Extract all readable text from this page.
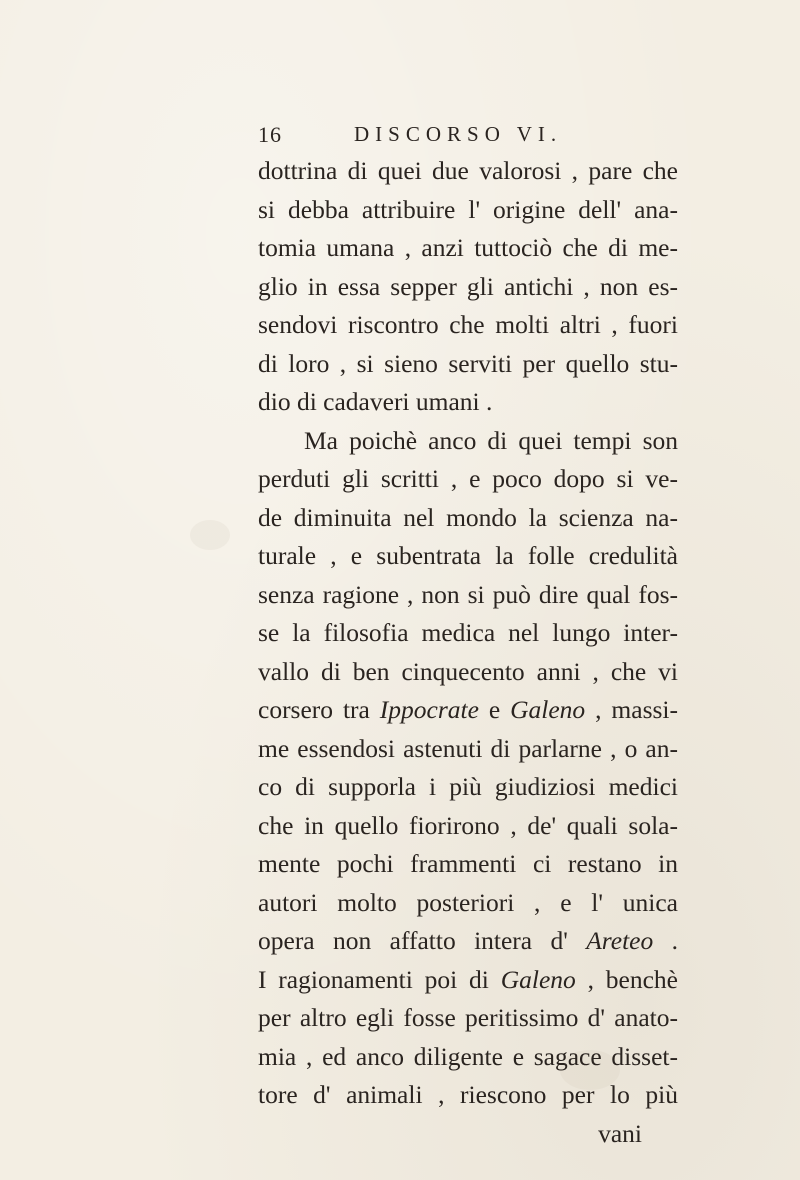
16	DISCORSO VI.
dottrina di quei due valorosi , pare che
si debba attribuire l' origine dell' ana-
tomia umana , anzi tuttociò che di me-
glio in essa sepper gli antichi , non es-
sendovi riscontro che molti altri , fuori
di loro , si sieno serviti per quello stu-
dio di cadaveri umani .
Ma poichè anco di quei tempi son
perduti gli scritti , e poco dopo si ve-
de diminuita nel mondo la scienza na-
turale , e subentrata la folle credulità
senza ragione , non si può dire qual fos-
se la filosofia medica nel lungo inter-
vallo di ben cinquecento anni , che vi
corsero tra Ippocrate e Galeno , massi-
me essendosi astenuti di parlarne , o an-
co di supporla i più giudiziosi medici
che in quello fiorirono , de' quali sola-
mente pochi frammenti ci restano in
autori molto posteriori , e l' unica
opera non affatto intera d' Areteo .
I ragionamenti poi di Galeno , benchè
per altro egli fosse peritissimo d' anato-
mia , ed anco diligente e sagace disset-
tore d' animali , riescono per lo più
vani
